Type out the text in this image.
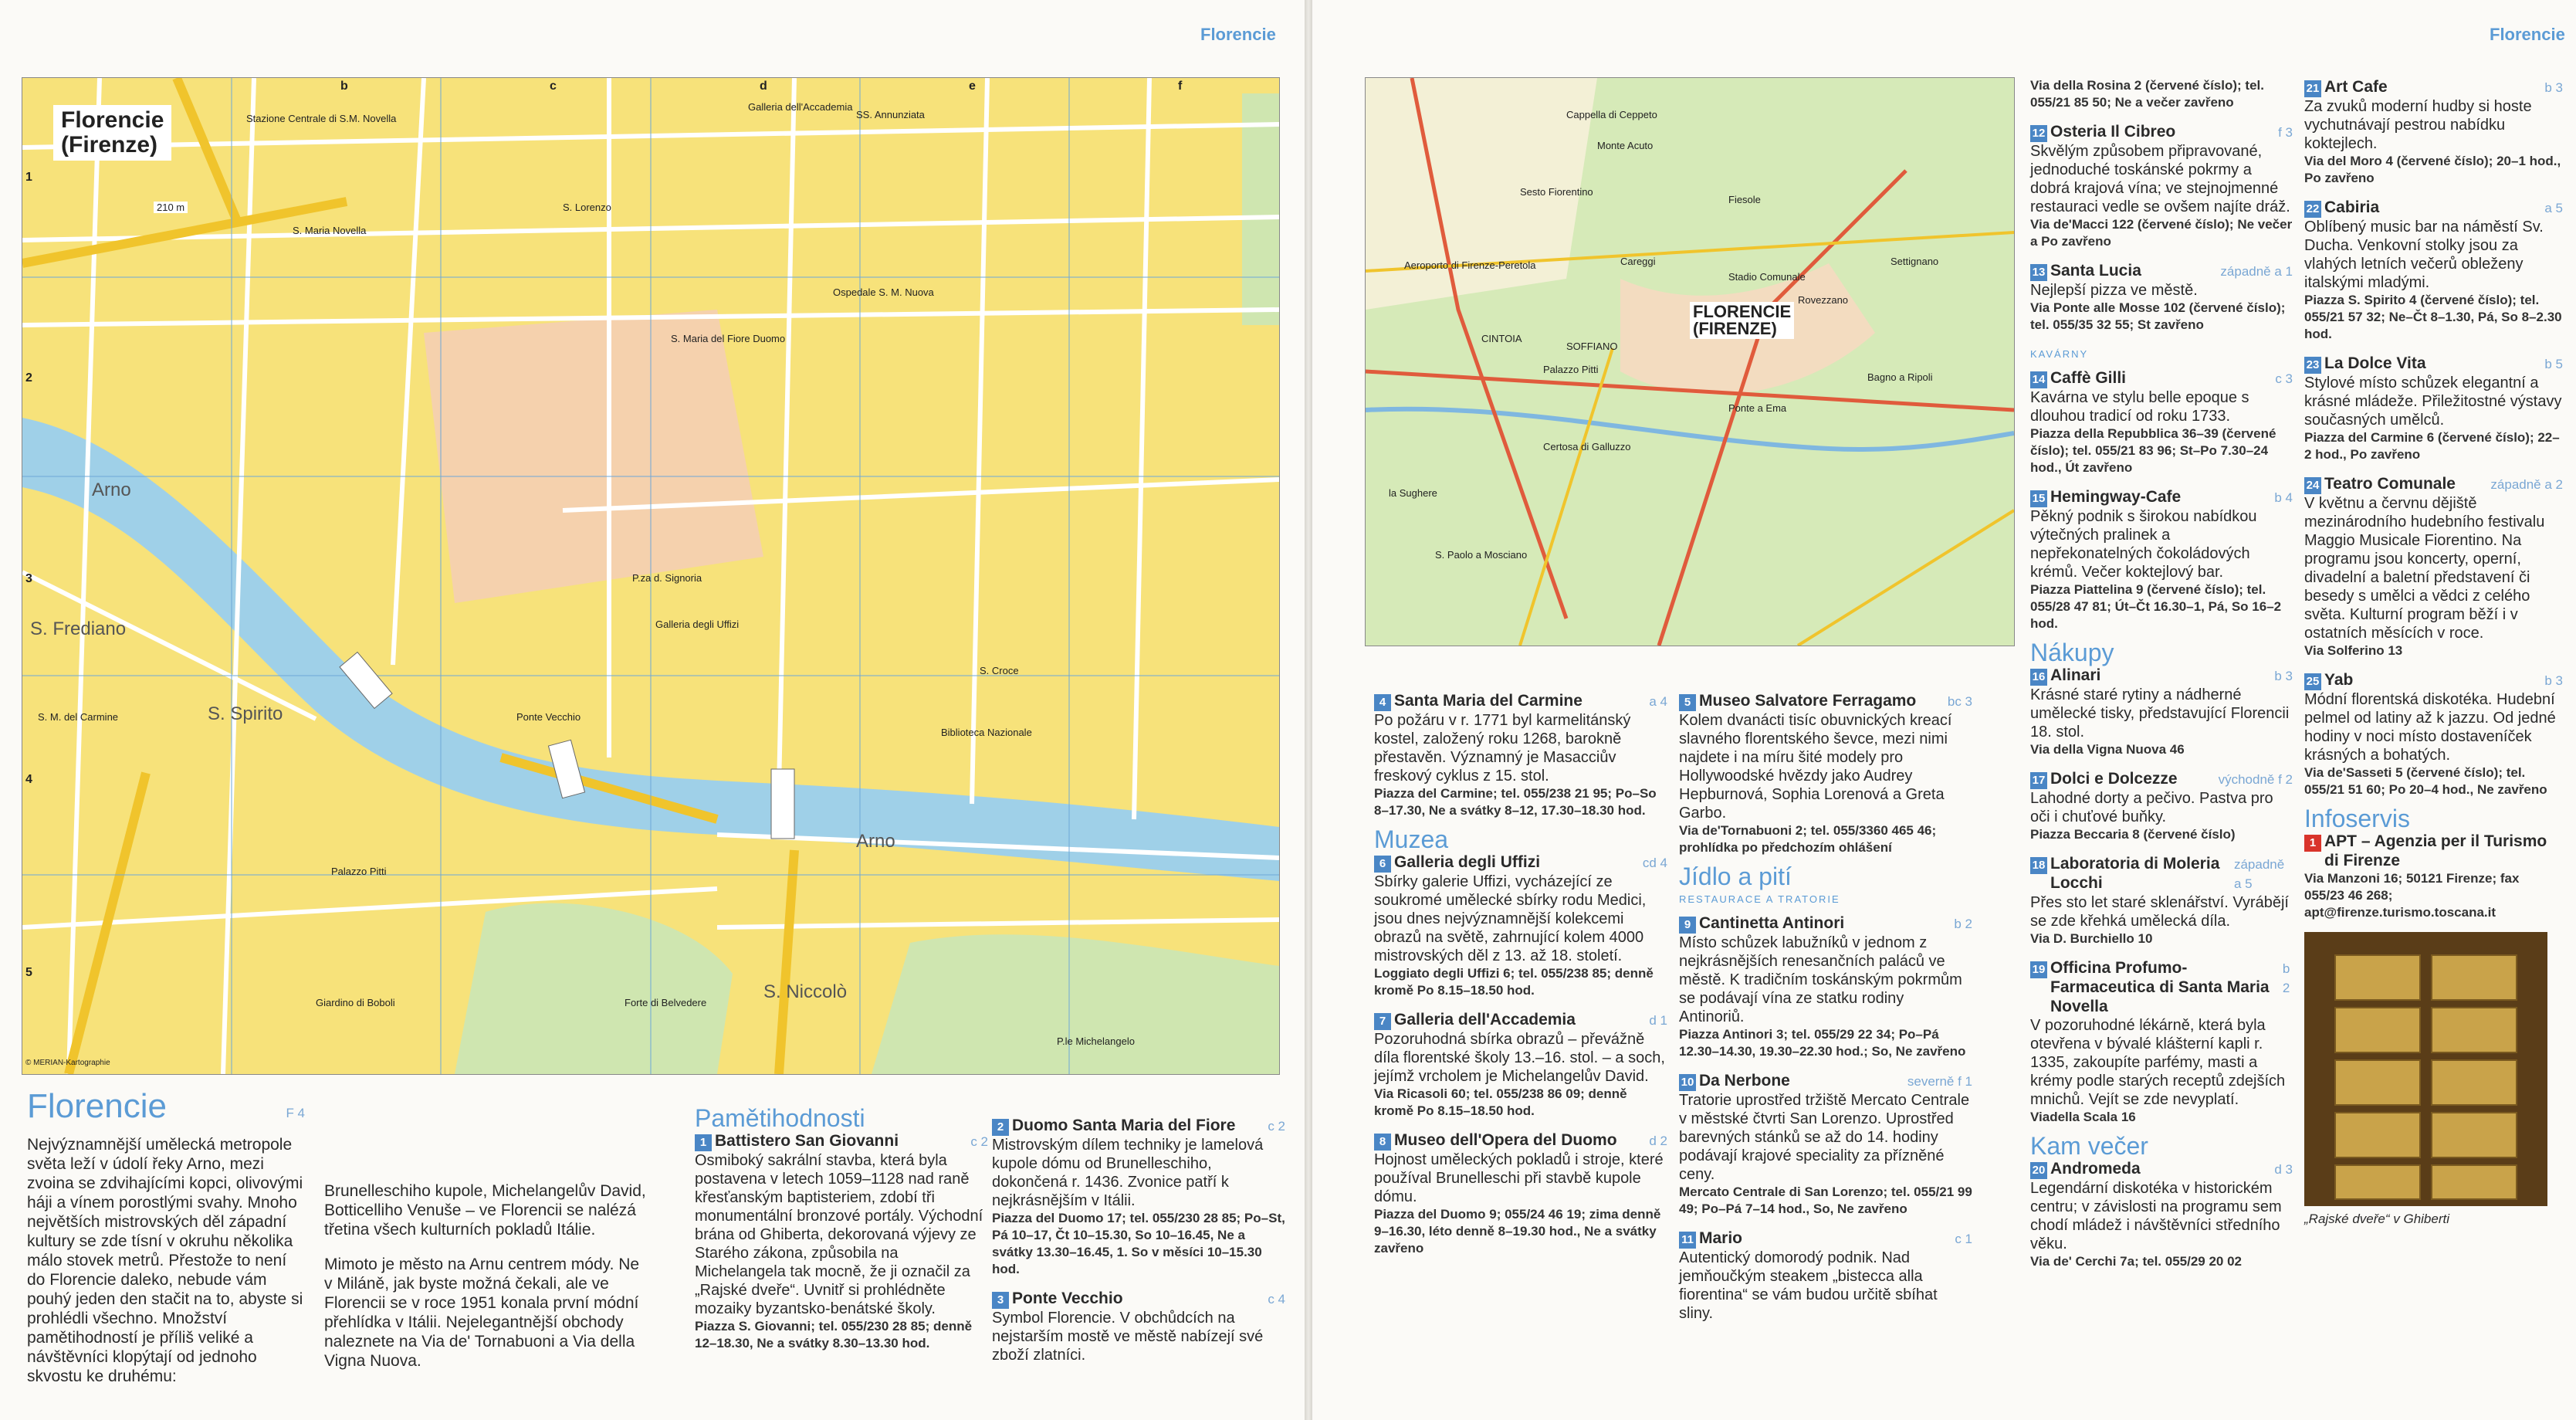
Florencie
Florencie
(Firenze)
Arno
Arno
S. Frediano
S. Spirito
S. Niccolò
Stazione Centrale di S.M. Novella
S. Maria Novella
S. Lorenzo
S. Maria del Fiore Duomo
S. Croce
Ponte Vecchio
Palazzo Pitti
Giardino di Boboli
Galleria degli Uffizi
Galleria dell'Accademia
P.za d. Signoria
P.le Michelangelo
Forte di Belvedere
Ospedale S. M. Nuova
S. M. del Carmine
SS. Annunziata
Biblioteca Nazionale
210 m
© MERIAN-Kartographie
b	c	d	e	f
1
2
3
4
5
Florencie	F 4

Nejvýznamnější umělecká metropole světa leží v údolí řeky Arno, mezi zvoina se zdvihajícími kopci, olivovými háji a vínem porostlými svahy. Mnoho největších mistrovských děl západní kultury se zde tísní v okruhu několika málo stovek metrů. Přestože to není do Florencie daleko, nebude vám pouhý jeden den stačit na to, abyste si prohlédli všechno. Množství pamětihodností je příliš veliké a návštěvníci klopýtají od jednoho skvostu ke druhému:

Brunelleschiho kupole, Michelangelův David, Botticelliho Venuše – ve Florencii se nalézá třetina všech kulturních pokladů Itálie.

Mimoto je město na Arnu centrem módy. Ne v Miláně, jak byste možná čekali, ale ve Florencii se v roce 1951 konala první módní přehlídka v Itálii. Nejelegantnější obchody naleznete na Via de' Tornabuoni a Via della Vigna Nuova.

Pamětihodnosti
1 Battistero San Giovanni	c 2
Osmiboký sakrální stavba, která byla postavena v letech 1059–1128 nad raně křesťanským baptisteriem, zdobí tři monumentální bronzové portály. Východní brána od Ghiberta, dekorovaná výjevy ze Starého zákona, způsobila na Michelangela tak mocně, že ji označil za „Rajské dveře“. Uvnitř si prohlédněte mozaiky byzantsko-benátské školy.
Piazza S. Giovanni; tel. 055/230 28 85; denně 12–18.30, Ne a svátky 8.30–13.30 hod.
2 Duomo Santa Maria del Fiore c 2
Mistrovským dílem techniky je lamelová kupole dómu od Brunelleschiho, dokončená r. 1436. Zvonice patří k nejkrásnějším v Itálii.
Piazza del Duomo 17; tel. 055/230 28 85; Po–St, Pá 10–17, Čt 10–15.30, So 10–16.45, Ne a svátky 13.30–16.45, 1. So v měsíci 10–15.30 hod.
3 Ponte Vecchio	c 4
Symbol Florencie. V obchůdcích na nejstarším mostě ve městě nabízejí své zboží zlatníci.
Florencie
FLORENCIE
(FIRENZE)
Fiesole
Sesto Fiorentino
Careggi	Settignano
Palazzo Pitti
Certosa di Galluzzo
S. Paolo a Mosciano
la Sughere
Aeroporto di Firenze-Peretola
CINTOIA
SOFFIANO
Rovezzano
Bagno a Ripoli
Ponte a Ema
Stadio Comunale
Monte Acuto
Cappella di Ceppeto
4 Santa Maria del Carmine	a 4
Po požáru v r. 1771 byl karmelitánský kostel, založený roku 1268, barokně přestavěn. Významný je Masacciův freskový cyklus z 15. stol.
Piazza del Carmine; tel. 055/238 21 95; Po–So 8–17.30, Ne a svátky 8–12, 17.30–18.30 hod.
Muzea
6 Galleria degli Uffizi	cd 4
Sbírky galerie Uffizi, vycházející ze soukromé umělecké sbírky rodu Medici, jsou dnes nejvýznamnější kolekcemi obrazů na světě, zahrnující kolem 4000 mistrovských děl z 13. až 18. století.
Loggiato degli Uffizi 6; tel. 055/238 85; denně kromě Po 8.15–18.50 hod.
7 Galleria dell'Accademia	d 1
Pozoruhodná sbírka obrazů – převážně díla florentské školy 13.–16. stol. – a soch, jejímž vrcholem je Michelangelův David.
Via Ricasoli 60; tel. 055/238 86 09; denně kromě Po 8.15–18.50 hod.
8 Museo dell'Opera del Duomo d 2
Hojnost uměleckých pokladů i stroje, které používal Brunelleschi při stavbě kupole dómu.
Piazza del Duomo 9; 055/24 46 19; zima denně 9–16.30, léto denně 8–19.30 hod., Ne a svátky zavřeno
5 Museo Salvatore Ferragamo bc 3
Kolem dvanácti tisíc obuvnických kreací slavného florentského ševce, mezi nimi najdete i na míru šité modely pro Hollywoodské hvězdy jako Audrey Hepburnová, Sophia Lorenová a Greta Garbo.
Via de'Tornabuoni 2; tel. 055/3360 465 46; prohlídka po předchozím ohlášení
Jídlo a pití
RESTAURACE A TRATORIE
9 Cantinetta Antinori	b 2
Místo schůzek labužníků v jednom z nejkrásnějších renesančních paláců ve městě. K tradičním toskánským pokrmům se podávají vína ze statku rodiny Antinoriů.
Piazza Antinori 3; tel. 055/29 22 34; Po–Pá 12.30–14.30, 19.30–22.30 hod.; So, Ne zavřeno
10 Da Nerbone	severně f 1
Tratorie uprostřed tržiště Mercato Centrale v městské čtvrti San Lorenzo. Uprostřed barevných stánků se až do 14. hodiny podávají krajové speciality za přízněné ceny.
Mercato Centrale di San Lorenzo; tel. 055/21 99 49; Po–Pá 7–14 hod., So, Ne zavřeno
11 Mario	c 1
Autentický domorodý podnik. Nad jemňoučkým steakem „bistecca alla fiorentina“ se vám budou určitě sbíhat sliny.
Via della Rosina 2 (červené číslo); tel. 055/21 85 50; Ne a večer zavřeno
12 Osteria Il Cibreo	f 3
Skvělým způsobem připravované, jednoduché toskánské pokrmy a dobrá krajová vína; ve stejnojmenné restauraci vedle se ovšem najíte dráž.
Via de'Macci 122 (červené číslo); Ne večer a Po zavřeno
13 Santa Lucia	západně a 1
Nejlepší pizza ve městě.
Via Ponte alle Mosse 102 (červené číslo); tel. 055/35 32 55; St zavřeno
KAVÁRNY
14 Caffè Gilli	c 3
Kavárna ve stylu belle epoque s dlouhou tradicí od roku 1733.
Piazza della Repubblica 36–39 (červené číslo); tel. 055/21 83 96; St–Po 7.30–24 hod., Út zavřeno
15 Hemingway-Cafe	b 4
Pěkný podnik s širokou nabídkou výtečných pralinek a nepřekonatelných čokoládových krémů. Večer koktejlový bar.
Piazza Piattelina 9 (červené číslo); tel. 055/28 47 81; Út–Čt 16.30–1, Pá, So 16–2 hod.
Nákupy
16 Alinari	b 3
Krásné staré rytiny a nádherné umělecké tisky, představující Florencii 18. stol.
Via della Vigna Nuova 46
17 Dolci e Dolcezze	východně f 2
Lahodné dorty a pečivo. Pastva pro oči i chuťové buňky.
Piazza Beccaria 8 (červené číslo)
18 Laboratoria di Moleria Locchi
západně a 5
Přes sto let staré sklenářství. Vyrábějí se zde křehká umělecká díla.
Via D. Burchiello 10
19 Officina Profumo-Farmaceutica di Santa Maria Novella
b 2
V pozoruhodné lékárně, která byla otevřena v bývalé klášterní kapli r. 1335, zakoupíte parfémy, masti a krémy podle starých receptů zdejších mnichů. Vejít se zde nevyplatí.
Viadella Scala 16
Kam večer
20 Andromeda	d 3
Legendární diskotéka v historickém centru; v závislosti na programu sem chodí mládež i návštěvníci středního věku.
Via de' Cerchi 7a; tel. 055/29 20 02
21 Art Cafe	b 3
Za zvuků moderní hudby si hoste vychutnávají pestrou nabídku koktejlech.
Via del Moro 4 (červené číslo); 20–1 hod., Po zavřeno
22 Cabiria	a 5
Oblíbený music bar na náměstí Sv. Ducha. Venkovní stolky jsou za vlahých letních večerů obleženy italskými mladými.
Piazza S. Spirito 4 (červené číslo); tel. 055/21 57 32; Ne–Čt 8–1.30, Pá, So 8–2.30 hod.
23 La Dolce Vita	b 5
Stylové místo schůzek elegantní a krásné mládeže. Přiležitostné výstavy současných umělců.
Piazza del Carmine 6 (červené číslo); 22–2 hod., Po zavřeno
24 Teatro Comunale	západně a 2
V květnu a červnu dějiště mezinárodního hudebního festivalu Maggio Musicale Fiorentino. Na programu jsou koncerty, operní, divadelní a baletní představení či besedy s umělci a vědci z celého světa. Kulturní program běží i v ostatních měsících v roce.
Via Solferino 13
25 Yab	b 3
Módní florentská diskotéka. Hudební pelmel od latiny až k jazzu. Od jedné hodiny v noci místo dostaveníček krásných a bohatých.
Via de'Sasseti 5 (červené číslo); tel. 055/21 51 60; Po 20–4 hod., Ne zavřeno
Infoservis
1 APT – Agenzia per il Turismo di Firenze
Via Manzoni 16; 50121 Firenze; fax 055/23 46 268; apt@firenze.turismo.toscana.it
„Rajské dveře“ v Ghiberti
